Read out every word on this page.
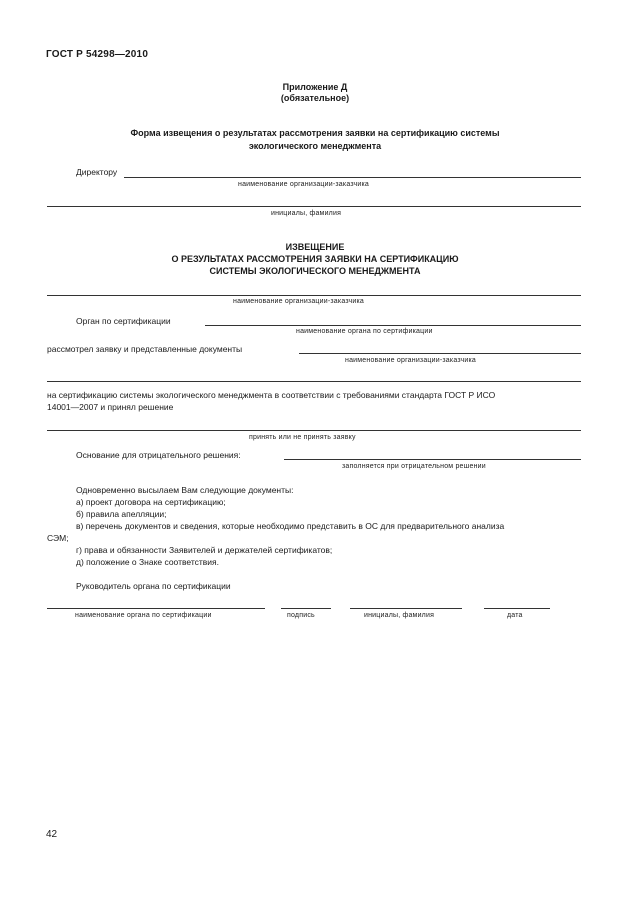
ГОСТ Р 54298—2010
Приложение Д
(обязательное)
Форма извещения о результатах рассмотрения заявки на сертификацию системы
экологического менеджмента
Директору
наименование организации-заказчика
инициалы, фамилия
ИЗВЕЩЕНИЕ
О РЕЗУЛЬТАТАХ РАССМОТРЕНИЯ ЗАЯВКИ НА СЕРТИФИКАЦИЮ
СИСТЕМЫ ЭКОЛОГИЧЕСКОГО МЕНЕДЖМЕНТА
наименование организации-заказчика
Орган по сертификации
наименование органа по сертификации
рассмотрел заявку и представленные документы
наименование организации-заказчика
на сертификацию системы экологического менеджмента в соответствии с требованиями стандарта ГОСТ Р ИСО
14001—2007 и принял решение
принять или не принять заявку
Основание для отрицательного решения:
заполняется при отрицательном решении
Одновременно высылаем Вам следующие документы:
а) проект договора на сертификацию;
б) правила апелляции;
в) перечень документов и сведения, которые необходимо представить в ОС для предварительного анализа
СЭМ;
г) права и обязанности Заявителей и держателей сертификатов;
д) положение о Знаке соответствия.
Руководитель органа по сертификации
наименование органа по сертификации	подпись	инициалы, фамилия	дата
42
